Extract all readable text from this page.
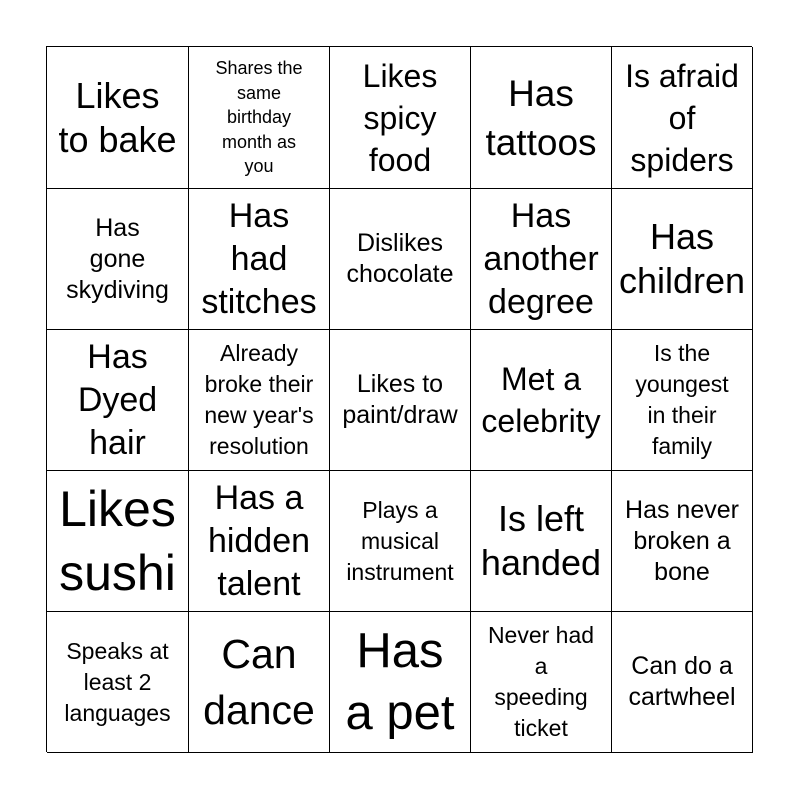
Likes
to bake
Shares the
same
birthday
month as
you
Likes
spicy
food
Has
tattoos
Is afraid
of
spiders
Has
gone
skydiving
Has
had
stitches
Dislikes
chocolate
Has
another
degree
Has
children
Has
Dyed
hair
Already
broke their
new year's
resolution
Likes to
paint/draw
Met a
celebrity
Is the
youngest
in their
family
Likes
sushi
Has a
hidden
talent
Plays a
musical
instrument
Is left
handed
Has never
broken a
bone
Speaks at
least 2
languages
Can
dance
Has
a pet
Never had
a
speeding
ticket
Can do a
cartwheel
